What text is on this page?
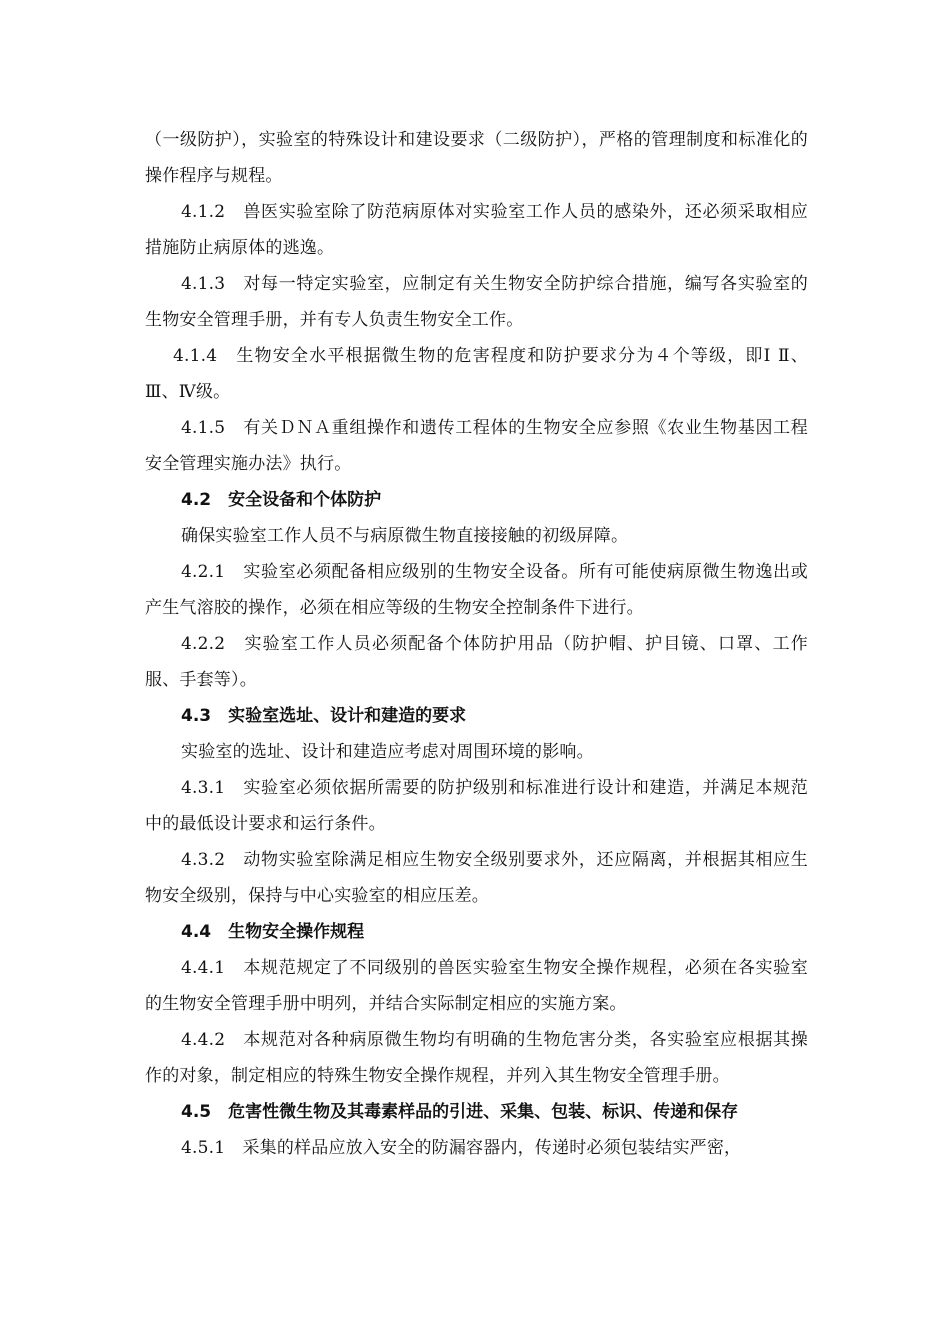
（一级防护），实验室的特殊设计和建设要求（二级防护），严格的管理制度和标准化的操作程序与规程。

4.1.2　兽医实验室除了防范病原体对实验室工作人员的感染外，还必须采取相应措施防止病原体的逃逸。

4.1.3　对每一特定实验室，应制定有关生物安全防护综合措施，编写各实验室的生物安全管理手册，并有专人负责生物安全工作。

4.1.4　生物安全水平根据微生物的危害程度和防护要求分为４个等级，即Ⅰ Ⅱ、Ⅲ、Ⅳ级。

4.1.5　有关ＤＮＡ重组操作和遗传工程体的生物安全应参照《农业生物基因工程安全管理实施办法》执行。

4.2　安全设备和个体防护

确保实验室工作人员不与病原微生物直接接触的初级屏障。

4.2.1　实验室必须配备相应级别的生物安全设备。所有可能使病原微生物逸出或产生气溶胶的操作，必须在相应等级的生物安全控制条件下进行。

4.2.2　实验室工作人员必须配备个体防护用品（防护帽、护目镜、口罩、工作服、手套等）。

4.3　实验室选址、设计和建造的要求

实验室的选址、设计和建造应考虑对周围环境的影响。

4.3.1　实验室必须依据所需要的防护级别和标准进行设计和建造，并满足本规范中的最低设计要求和运行条件。

4.3.2　动物实验室除满足相应生物安全级别要求外，还应隔离，并根据其相应生物安全级别，保持与中心实验室的相应压差。

4.4　生物安全操作规程

4.4.1　本规范规定了不同级别的兽医实验室生物安全操作规程，必须在各实验室的生物安全管理手册中明列，并结合实际制定相应的实施方案。

4.4.2　本规范对各种病原微生物均有明确的生物危害分类，各实验室应根据其操作的对象，制定相应的特殊生物安全操作规程，并列入其生物安全管理手册。

4.5　危害性微生物及其毒素样品的引进、采集、包装、标识、传递和保存

4.5.1　采集的样品应放入安全的防漏容器内，传递时必须包装结实严密，
